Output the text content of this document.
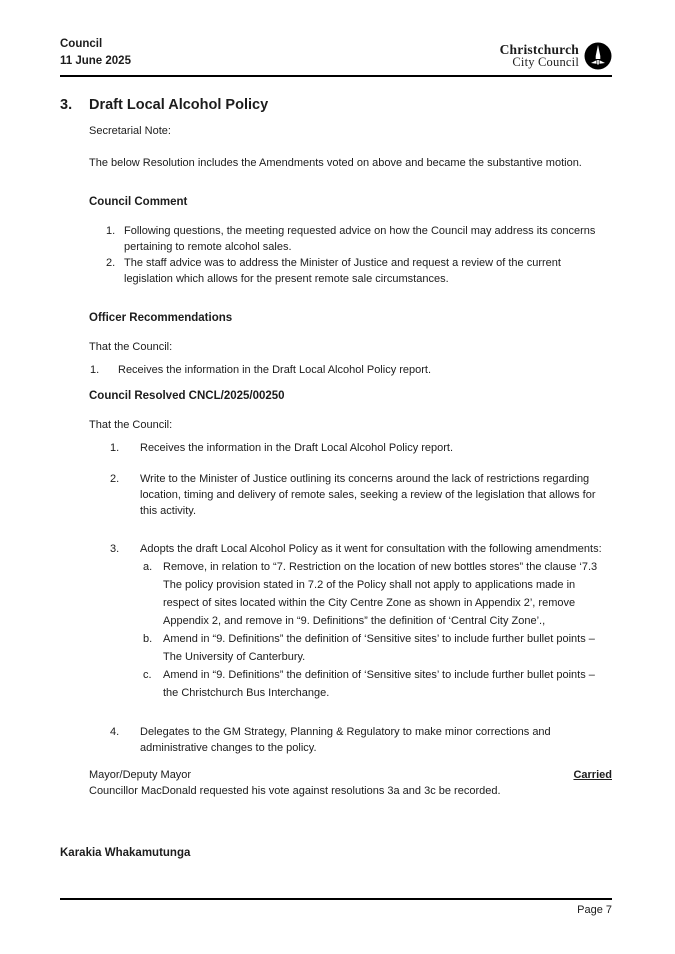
Council
11 June 2025
Christchurch
City Council
3.	Draft Local Alcohol Policy
Secretarial Note:
The below Resolution includes the Amendments voted on above and became the substantive motion.
Council Comment
1. Following questions, the meeting requested advice on how the Council may address its concerns pertaining to remote alcohol sales.
2. The staff advice was to address the Minister of Justice and request a review of the current legislation which allows for the present remote sale circumstances.
Officer Recommendations
That the Council:
1. Receives the information in the Draft Local Alcohol Policy report.
Council Resolved CNCL/2025/00250
That the Council:
1. Receives the information in the Draft Local Alcohol Policy report.
2. Write to the Minister of Justice outlining its concerns around the lack of restrictions regarding location, timing and delivery of remote sales, seeking a review of the legislation that allows for this activity.
3. Adopts the draft Local Alcohol Policy as it went for consultation with the following amendments:
a. Remove, in relation to “7. Restriction on the location of new bottles stores” the clause ‘7.3 The policy provision stated in 7.2 of the Policy shall not apply to applications made in respect of sites located within the City Centre Zone as shown in Appendix 2’, remove Appendix 2, and remove in “9. Definitions” the definition of ‘Central City Zone’.,
b. Amend in “9. Definitions” the definition of ‘Sensitive sites’ to include further bullet points – The University of Canterbury.
c. Amend in “9. Definitions” the definition of ‘Sensitive sites’ to include further bullet points – the Christchurch Bus Interchange.
4. Delegates to the GM Strategy, Planning & Regulatory to make minor corrections and administrative changes to the policy.
Mayor/Deputy Mayor	Carried
Councillor MacDonald requested his vote against resolutions 3a and 3c be recorded.
Karakia Whakamutunga
Page 7
